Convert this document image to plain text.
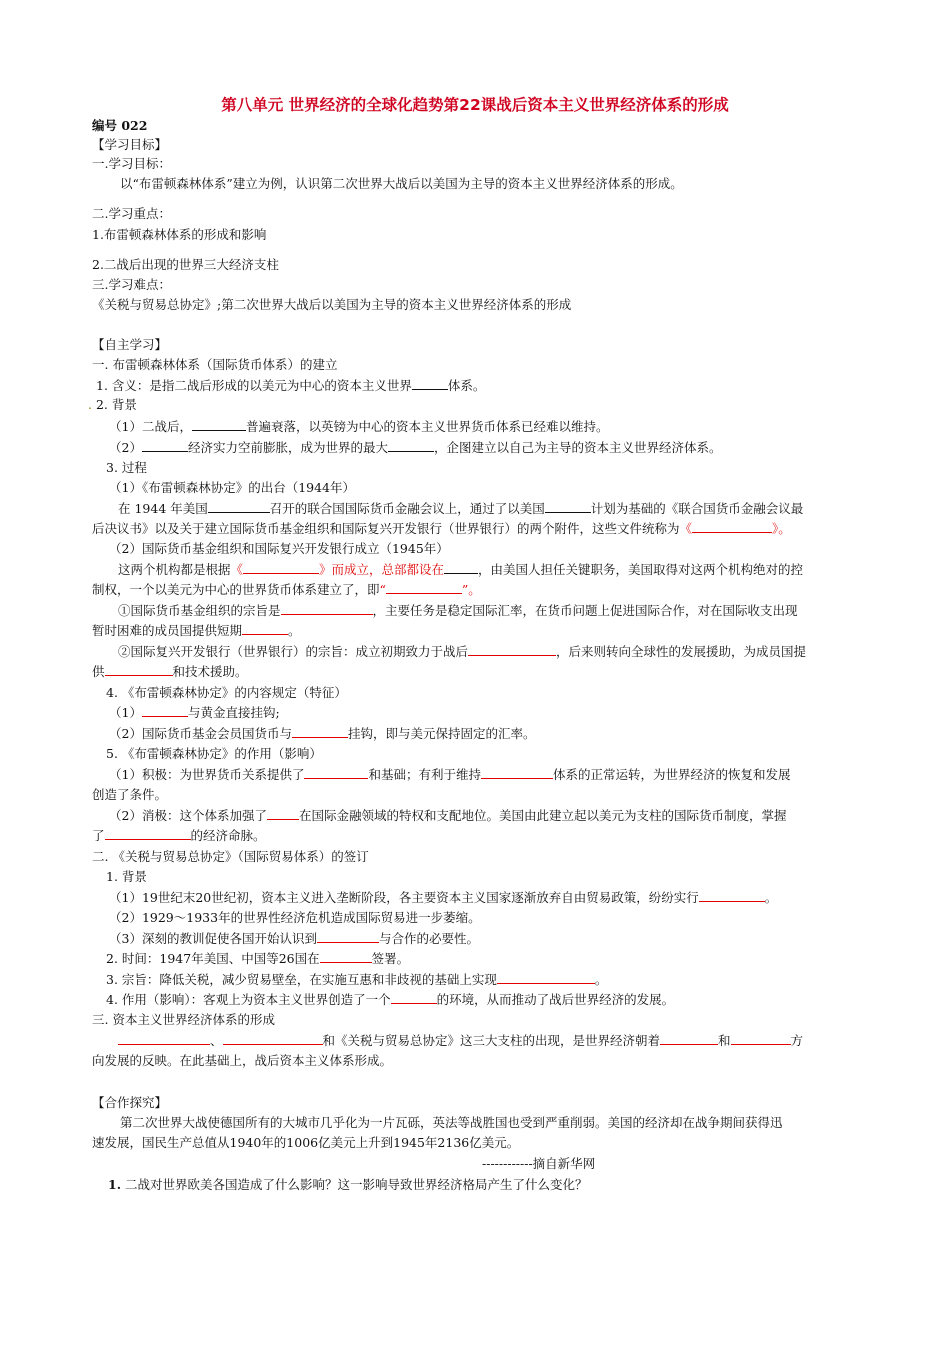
第八单元 世界经济的全球化趋势第22课战后资本主义世界经济体系的形成
编号 022
【学习目标】
一.学习目标：
以“布雷顿森林体系”建立为例，认识第二次世界大战后以美国为主导的资本主义世界经济体系的形成。
二.学习重点：
1.布雷顿森林体系的形成和影响
2.二战后出现的世界三大经济支柱
三.学习难点：
《关税与贸易总协定》;第二次世界大战后以美国为主导的资本主义世界经济体系的形成
【自主学习】
一. 布雷顿森林体系（国际货币体系）的建立
1. 含义：是指二战后形成的以美元为中心的资本主义世界	体系。
. 2. 背景
（1）二战后，	普遍衰落，以英镑为中心的资本主义世界货币体系已经难以维持。
（2）	经济实力空前膨胀，成为世界的最大	，企图建立以自己为主导的资本主义世界经济体系。
3. 过程
（1）《布雷顿森林协定》的出台（1944年）
在 1944 年美国	召开的联合国国际货币金融会议上，通过了以美国	计划为基础的《联合国货币金融会议最
后决议书》以及关于建立国际货币基金组织和国际复兴开发银行（世界银行）的两个附件，这些文件统称为《	》。
（2）国际货币基金组织和国际复兴开发银行成立（1945年）
这两个机构都是根据《	》而成立，总部都设在	，由美国人担任关键职务，美国取得对这两个机构绝对的控
制权，一个以美元为中心的世界货币体系建立了，即“	”。
①国际货币基金组织的宗旨是	，主要任务是稳定国际汇率，在货币问题上促进国际合作，对在国际收支出现
暂时困难的成员国提供短期	。
②国际复兴开发银行（世界银行）的宗旨：成立初期致力于战后	，后来则转向全球性的发展援助，为成员国提
供	和技术援助。
4. 《布雷顿森林协定》的内容规定（特征）
（1）	与黄金直接挂钩;
（2）国际货币基金会员国货币与	挂钩，即与美元保持固定的汇率。
5. 《布雷顿森林协定》的作用（影响）
（1）积极：为世界货币关系提供了	和基础；有利于维持	体系的正常运转，为世界经济的恢复和发展
创造了条件。
（2）消极：这个体系加强了	在国际金融领域的特权和支配地位。美国由此建立起以美元为支柱的国际货币制度，掌握
了	的经济命脉。
二. 《关税与贸易总协定》（国际贸易体系）的签订
1. 背景
（1）19世纪末20世纪初，资本主义进入垄断阶段，各主要资本主义国家逐渐放弃自由贸易政策，纷纷实行	。
（2）1929～1933年的世界性经济危机造成国际贸易进一步萎缩。
（3）深刻的教训促使各国开始认识到	与合作的必要性。
2. 时间：1947年美国、中国等26国在	签署。
3. 宗旨：降低关税，减少贸易壁垒，在实施互惠和非歧视的基础上实现	。
4. 作用（影响）：客观上为资本主义世界创造了一个	的环境，从而推动了战后世界经济的发展。
三. 资本主义世界经济体系的形成
、	和《关税与贸易总协定》这三大支柱的出现，是世界经济朝着	和	方
向发展的反映。在此基础上，战后资本主义体系形成。
【合作探究】
第二次世界大战使德国所有的大城市几乎化为一片瓦砾，英法等战胜国也受到严重削弱。美国的经济却在战争期间获得迅
速发展，国民生产总值从1940年的1006亿美元上升到1945年2136亿美元。
------------摘自新华网
1. 二战对世界欧美各国造成了什么影响？这一影响导致世界经济格局产生了什么变化？
